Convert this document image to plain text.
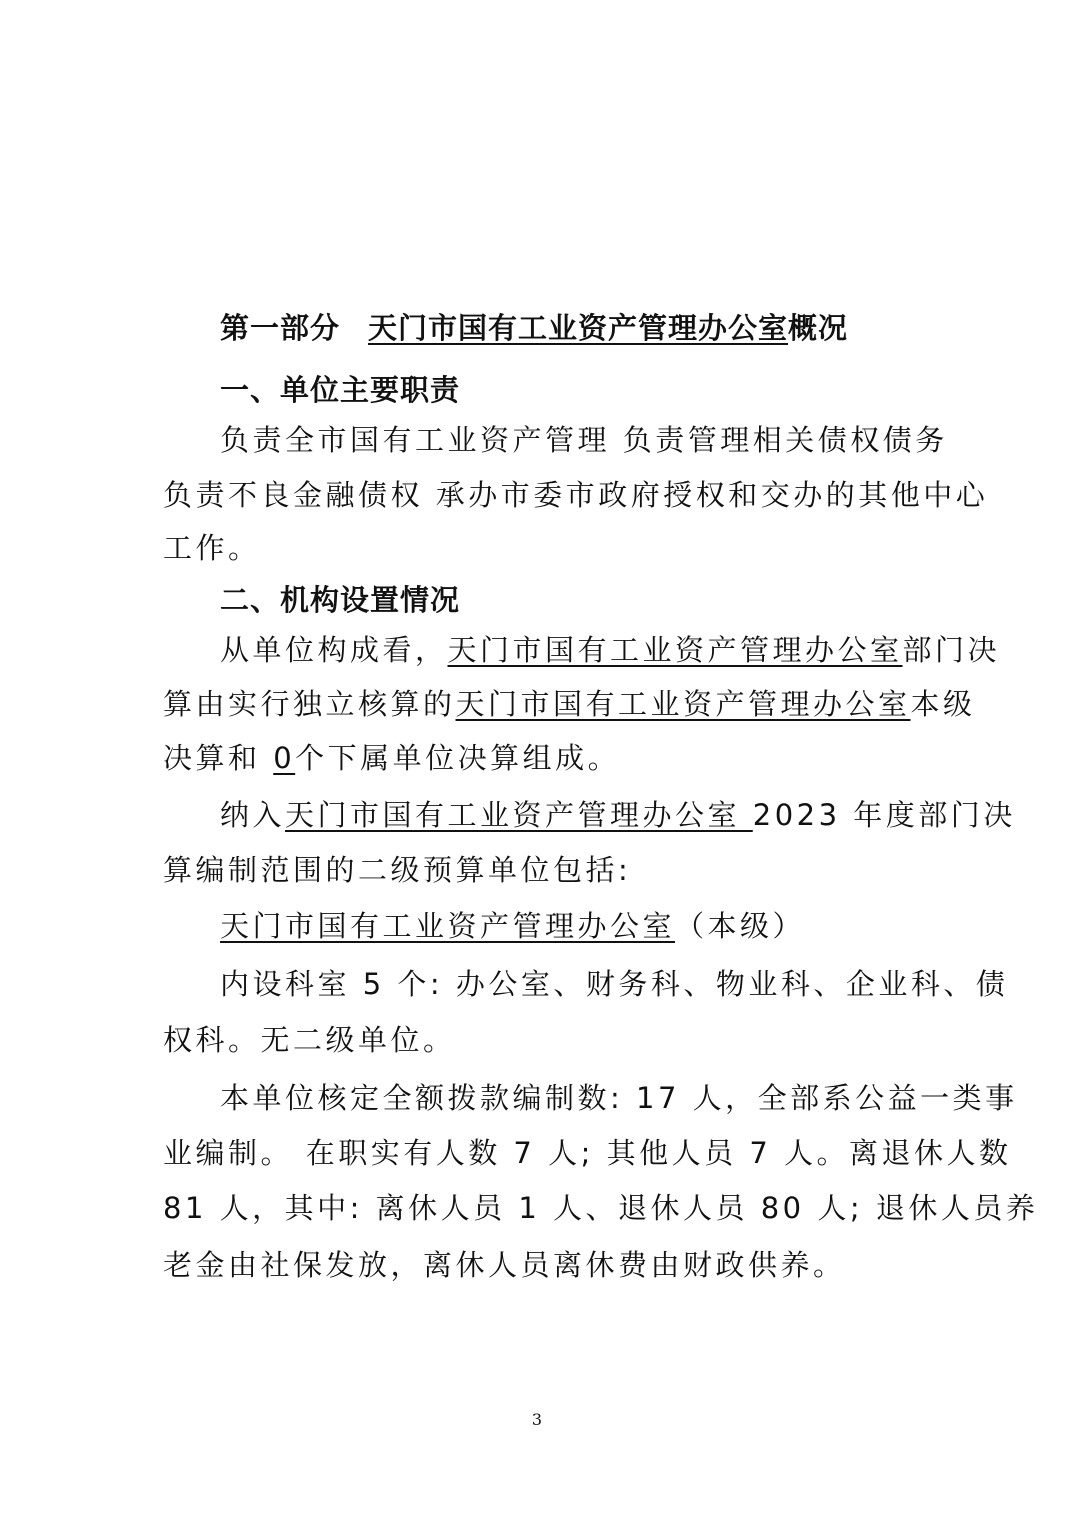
第一部分 天门市国有工业资产管理办公室概况
一、单位主要职责
负责全市国有工业资产管理 负责管理相关债权债务
负责不良金融债权 承办市委市政府授权和交办的其他中心
工作。
二、机构设置情况
从单位构成看，天门市国有工业资产管理办公室部门决
算由实行独立核算的天门市国有工业资产管理办公室本级
决算和 0个下属单位决算组成。
纳入天门市国有工业资产管理办公室 2023 年度部门决
算编制范围的二级预算单位包括:
天门市国有工业资产管理办公室（本级）
内设科室 5 个: 办公室、财务科、物业科、企业科、债
权科。无二级单位。
本单位核定全额拨款编制数: 17 人，全部系公益一类事
业编制。 在职实有人数 7 人; 其他人员 7 人。离退休人数
81 人，其中: 离休人员 1 人、退休人员 80 人; 退休人员养
老金由社保发放，离休人员离休费由财政供养。
3
